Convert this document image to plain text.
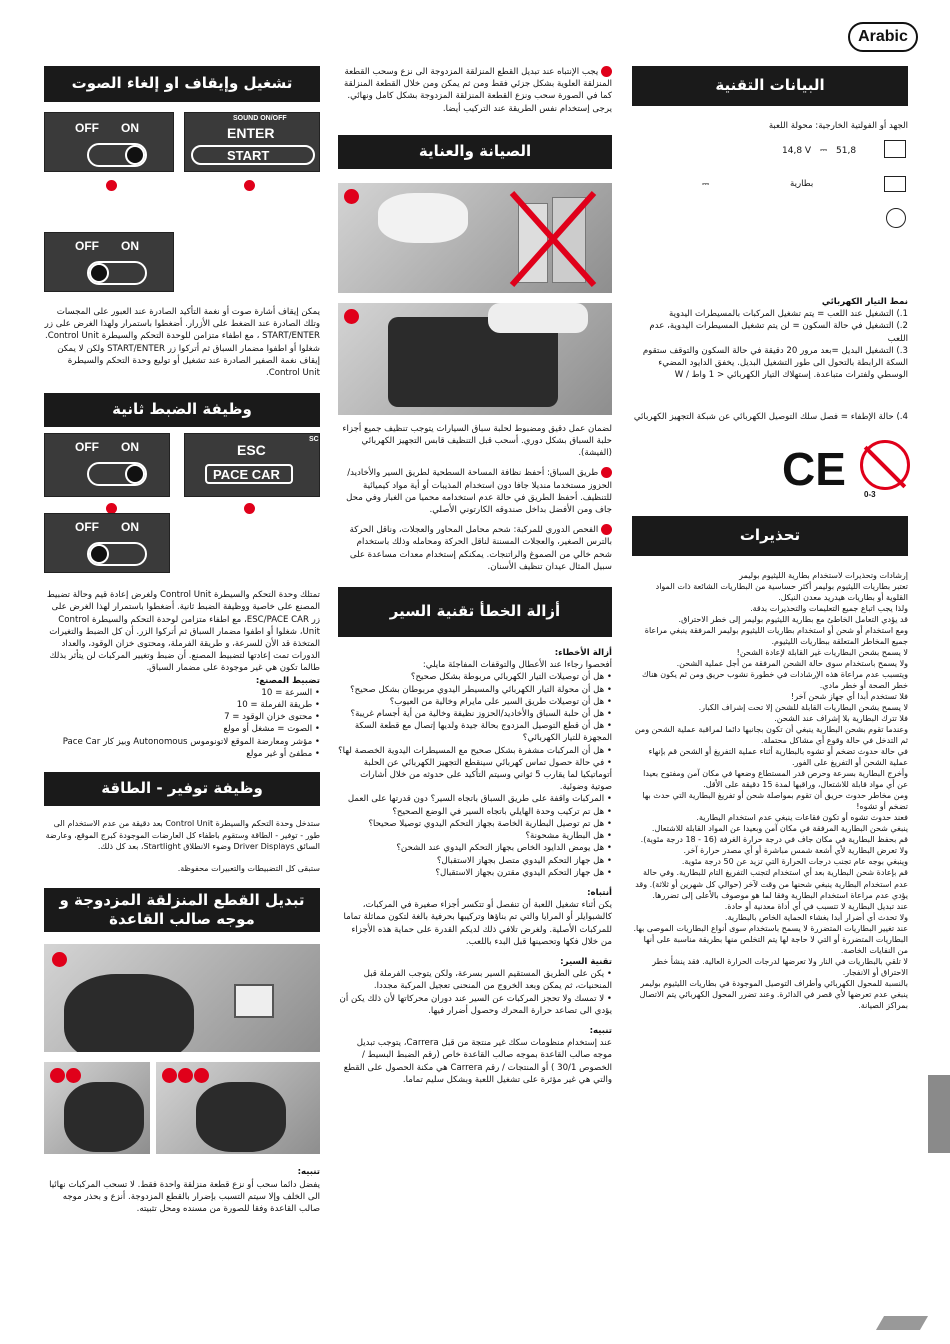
Arabic
تشغيل وإيقاف او إلغاء الصوت
OFF ON
SOUND ON/OFF
ENTER
START
OFF ON
يمكن إيقاف أشارة صوت أو نغمة التأكيد الصادرة عند العبور على المجسات وتلك الصادرة عند الضغط على الأزرار. أضغطوا باستمرار ولهذا الغرض على زر START/ENTER ، مع اطفاء متزامن للوحدة التحكم والسيطرة Control Unit. شغلوا أو اطفوا مضمار السباق ثم أتركوا زر START/ENTER ولكن لا يمكن إيقاف نغمة الصفير الصادرة عند تشغيل أو توليع وحدة التحكم والسيطرة Control Unit.
وظيفة الضبط ثانية
OFF ON	ESC
SC
PACE CAR
OFF ON
تمتلك وحدة التحكم والسيطرة Control Unit ولغرض إعادة قيم وحالة تضبيط المصنع على خاصية ووظيفة الضبط ثانية. أضغطوا باستمرار لهذا الغرض على زر ESC/PACE CAR، مع اطفاء متزامن لوحدة التحكم والسيطرة Control Unit، شغلوا أو اطفوا مضمار السباق ثم أتركوا الزر. أن كل الضبط والتغيرات المتخذة قد الأن للسرعة، و طريقة الفرملة، ومحتوى خزان الوقود، والعداد الدورات تمت إعادتها لتضبيط المصنع. أن ضبط وتغيير المركبات لن يتأثر بذلك طالما تكون هي غير موجودة على مضمار السباق.
تضبيط المصنع:
• السرعة = 10
• طريقة الفرملة = 10
• محتوى خزان الوقود = 7
• الصوت = مشغل أو مولع
• مؤشر ومعارضة الموقع لاتونوموس Autonomous وبيز كار Pace Car
• مطفئ أو غير مولع
وظيفة توفير - الطاقة
ستدخل وحدة التحكم والسيطرة Control Unit بعد دقيقة من عدم الاستخدام الى طور - توفير - الطاقة وستقوم باطفاء كل العارضات الموجودة كبرج الموقع، وعارضة السائق Driver Displays وضوء الانطلاق Startlight، بعد كل ذلك.
ستبقى كل التضبيطات والتعبيرات محفوظة.
تبديل القطع المنزلقة المزدوجة و موجه صالب القاعدة
تنبيه:
يفضل دائما سحب أو نزع قطعة منزلقة واحدة فقط. لا تسحب المركبات نهائيا الى الخلف وإلا سيتم التسبب بإضرار بالقطع المزدوجة. أنزع و بحذر موجه صالب القاعدة وفقا للصورة من مسنده ومحل تثبيته.
يجب الإنتباه عند تبديل القطع المنزلقة المزدوجة الى نزع وسحب القطعة المنزلقة العلوية بشكل جزئي فقط ومن ثم يمكن ومن خلال القطعة المنزلقة كما في الصورة سحب ونزع القطعة المنزلقة المزدوجة بشكل كامل ونهائي. يرجى إستخدام نفس الطريقة عند التركيب أيضا.
الصيانة والعناية
لضمان عمل دقيق ومضبوط لحلبة سباق السيارات يتوجب تنظيف جميع أجزاء حلبة السباق بشكل دوري. أسحب قبل التنظيف قابس التجهيز الكهربائي (الفيشة).
طريق السباق: أحفظ نظافة المساحة السطحية لطريق السير والأخاديد/الحزوز مستخدما منديلا جافا دون استخدام المذيبات أو أية مواد كيميائية للتنظيف. أحفظ الطريق في حالة عدم استخدامه محميا من الغبار وفي محل جاف ومن الأفضل بداخل صندوقه الكارتوني الأصلي.
الفحص الدوري للمركبة: شحم محامل المحاور والعجلات، وناقل الحركة بالترس الصغير، والعجلات المسننة لناقل الحركة ومحامله وذلك باستخدام شحم خالي من الصموغ والراتنجات. يمكنكم إستخدام معدات مساعدة على سبيل المثال عيدان تنظيف الأسنان.
أزالة الخطأ تقنية السير
أزالة الأخطاء:
أفحصوا رجاءا عند الأعطال والتوقفات المفاجئة مايلي:
• هل أن توصيلات التيار الكهربائي مربوطة بشكل صحيح؟
• هل أن محولة التيار الكهربائي والمسيطر اليدوي مربوطان بشكل صحيح؟
• هل أن توصيلات طريق السير على مايرام وخالية من العيوب؟
• هل أن حلبة السباق والأخاديد/الحزوز نظيفة وخالية من أية أجسام غريبة؟
• هل أن قطع التوصيل المزدوج بحالة جيدة ولديها إتصال مع قطعة السكة المجهزة للتيار الكهربائي؟
• هل أن المركبات مشفرة بشكل صحيح مع المسيطرات اليدوية الخصصة لها؟
• في حالة حصول تماس كهربائي سينقطع التجهيز الكهربائي عن الحلبة أتوماتيكيا لما يقارب 5 ثواني وسيتم التأكيد على حدوثه من خلال أشارات صوتية وضوئية.
• المركبات واقفة على طريق السباق باتجاه السير؟ دون قدرتها على العمل
• هل تم تركيب وحدة الهايلي باتجاه السير في الوضع الصحيح؟
• هل تم توصيل البطارية الخاصة بجهاز التحكم اليدوي توصيلا صحيحا؟
• هل البطارية مشحونة؟
• هل يومض الدايود الخاص بجهاز التحكم اليدوي عند الشحن؟
• هل جهاز التحكم اليدوي متصل بجهاز الاستقبال؟
• هل جهاز التحكم اليدوي مقترن بجهاز الاستقبال؟
أنتباه:
يكن أثناء تشغيل اللعبة أن تنفصل أو تتكسر أجزاء صغيرة في المركبات، كالشبوايلر أو المرايا والتي تم بناؤها وتركيبها بحرفية بالغة لتكون مماثلة تماما للمركبات الأصلية. ولغرض تلافي ذلك لديكم القدرة على حماية هذه الأجزاء من خلال فكها وتحصينها قبل البدء باللعب.
تقنية السير:
• يكن على الطريق المستقيم السير بسرعة، ولكن يتوجب الفرملة قبل المنحنيات، ثم يمكن وبعد الخروج من المنحنى تعجيل المركبة مجددا.
• لا تمسك ولا تحجز المركبات عن السير عند دوران محركاتها لأن ذلك يكن أن يؤدي الى تصاعد حرارة المحرك وحصول أضرار فيها.
تنبيه:
عند إستخدام منظومات سكك غير منتجة من قبل Carrera، يتوجب تبديل موجه صالب القاعدة بموجه صالب القاعدة خاص (رقم الضبط البسيط / الخصوص 30/1 ) أو المنتجات / رقم Carrera هي مكنة الحصول على القطع والتي هي غير مؤثرة على تشغيل اللعبة وبشكل سليم تماما.
البيانات التقنية
الجهد أو الفولتية الخارجية: محولة اللعبة
14,8 V ⎓ 51,8
⎓	بطارية
نمط التيار الكهربائي
1.) التشغيل عند اللعب = يتم تشغيل المركبات بالمسيطرات اليدوية
2.) التشغيل في حالة السكون = لن يتم تشغيل المسيطرات اليدوية، عدم اللعب
3.) التشغيل البديل =بعد مرور 20 دقيقة في حالة السكون والتوقف ستقوم السكة الرابطة بالتحول الى طور التشغيل البديل. يخفق الدايود المضيء الوسطي ولفترات متباعدة. إستهلاك التيار الكهربائي < 1 واط / W
4.) حالة الإطفاء = فصل سلك التوصيل الكهربائي عن شبكة التجهيز الكهربائي
CE 0-3
تحذيرات
إرشادات وتحذيرات لاستخدام بطارية الليثيوم بوليمر
تعتبر بطاريات الليثيوم بوليمر أكثر حساسية من البطاريات الشائعة ذات المواد القلوية أو بطاريات هيدريد معدن النيكل.
ولذا يجب اتباع جميع التعليمات والتحذيرات بدقة.
قد يؤدي التعامل الخاطئ مع بطارية الليثيوم بوليمر إلى خطر الاحتراق.
ومع استخدام أو شحن أو استخدام بطاريات الليثيوم بوليمر المرفقة ينبغي مراعاة جميع المخاطر المتعلقة ببطاريات الليثيوم.
لا يسمح بشحن البطاريات غير القابلة لإعادة الشحن!
ولا يسمح باستخدام سوى حالة الشحن المرفقة من أجل عملية الشحن.
ويتسبب عدم مراعاة هذه الإرشادات في خطورة نشوب حريق ومن ثم يكون هناك خطر الصحة أو خطر مادي.
فلا تستخدم أبدا أي جهاز شحن آخر!
لا يسمح بشحن البطاريات القابلة للشحن إلا تحت إشراف الكبار.
فلا تترك البطارية بلا إشراف عند الشحن.
وعندما تقوم بشحن البطارية ينبغي أن تكون بجانبها دائما لمراقبة عملية الشحن ومن ثم التدخل في حالة وقوع أي مشاكل محتملة.
في حالة حدوث تضخم أو تشوه بالبطارية أثناء عملية التفريغ أو الشحن قم بإنهاء عملية الشحن أو التفريغ على الفور.
وأخرج البطارية بسرعة وحرص قدر المستطاع وضعها في مكان آمن ومفتوح بعيدا عن أي مواد قابلة للاشتعال، وراقبها لمدة 15 دقيقة على الأقل.
ومن مخاطر حدوث حريق أن تقوم بمواصلة شحن أو تفريغ البطارية التي حدث بها تضخم أو تشوه!
فعند حدوث تشوه أو تكون فقاعات ينبغي عدم استخدام البطارية.
ينبغي شحن البطارية المرفقة في مكان آمن وبعيدا عن المواد القابلة للاشتعال.
قم بحفظ البطارية في مكان جاف في درجة حرارة الغرفة (16 - 18 درجة مئوية).
ولا تعرض البطارية لأي أشعة شمس مباشرة أو أي مصدر حرارة آخر.
وينبغي بوجه عام تجنب درجات الحرارة التي تزيد عن 50 درجة مئوية.
قم بإعادة شحن البطارية بعد أي استخدام لتجنب التفريغ التام للبطارية. وفي حالة عدم استخدام البطارية ينبغي شحنها من وقت لآخر (حوالي كل شهرين أو ثلاثة). وقد يؤدي عدم مراعاة استخدام البطارية وفقا لما هو موصوف بالأعلى إلى تضررها.
عند تبديل البطارية لا تتسبب في أي أداة معدنية أو حادة.
ولا تحدث أي أضرار أبدا بغشاء الحماية الخاص بالبطارية.
عند تغيير البطاريات المتضررة لا يسمح باستخدام سوى أنواع البطاريات الموصى بها.
البطاريات المتضررة أو التي لا حاجة لها يتم التخلص منها بطريقة مناسبة على أنها من النفايات الخاصة.
لا تلقي بالبطاريات في النار ولا تعرضها لدرجات الحرارة العالية. فقد ينشأ خطر الاحتراق أو الانفجار.
بالنسبة للمحول الكهربائي وأطراف التوصيل الموجودة في بطاريات الليثيوم بوليمر ينبغي عدم تعرضها لأي قصر في الدائرة. وعند تضرر المحول الكهربائي يتم الاتصال بمراكز الصيانة.
